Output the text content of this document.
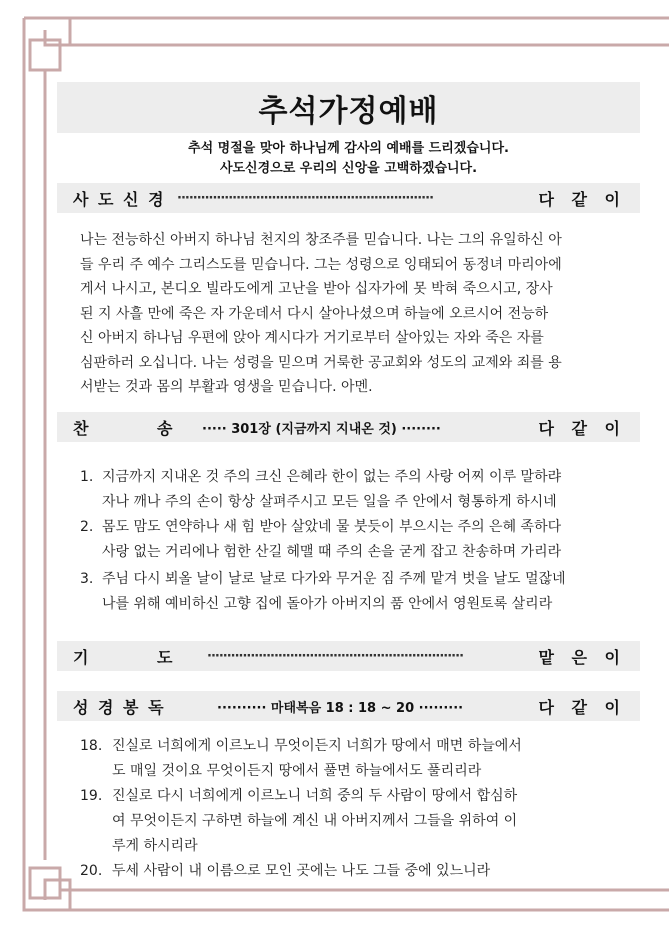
추석가정예배
추석 명절을 맞아 하나님께 감사의 예배를 드리겠습니다.
사도신경으로 우리의 신앙을 고백하겠습니다.
사 도 신 경 ·································································	다 같 이
나는 전능하신 아버지 하나님 천지의 창조주를 믿습니다. 나는 그의 유일하신 아
들 우리 주 예수 그리스도를 믿습니다. 그는 성령으로 잉태되어 동정녀 마리아에
게서 나시고, 본디오 빌라도에게 고난을 받아 십자가에 못 박혀 죽으시고, 장사
된 지 사흘 만에 죽은 자 가운데서 다시 살아나셨으며 하늘에 오르시어 전능하
신 아버지 하나님 우편에 앉아 계시다가 거기로부터 살아있는 자와 죽은 자를
심판하러 오십니다. 나는 성령을 믿으며 거룩한 공교회와 성도의 교제와 죄를 용
서받는 것과 몸의 부활과 영생을 믿습니다. 아멘.
찬	송 ····· 301장 (지금까지 지내온 것) ········	다 같 이
1. 지금까지 지내온 것 주의 크신 은혜라 한이 없는 주의 사랑 어찌 이루 말하랴
자나 깨나 주의 손이 항상 살펴주시고 모든 일을 주 안에서 형통하게 하시네
2. 몸도 맘도 연약하나 새 힘 받아 살았네 물 붓듯이 부으시는 주의 은혜 족하다
사랑 없는 거리에나 험한 산길 헤맬 때 주의 손을 굳게 잡고 찬송하며 가리라
3. 주님 다시 뵈올 날이 날로 날로 다가와 무거운 짐 주께 맡겨 벗을 날도 멀잖네
나를 위해 예비하신 고향 집에 돌아가 아버지의 품 안에서 영원토록 살리라
기	도	·································································	맡 은 이
성 경 봉 독	·········· 마태복음 18 : 18 ~ 20 ·········	다 같 이
18. 진실로 너희에게 이르노니 무엇이든지 너희가 땅에서 매면 하늘에서
도 매일 것이요 무엇이든지 땅에서 풀면 하늘에서도 풀리리라
19. 진실로 다시 너희에게 이르노니 너희 중의 두 사람이 땅에서 합심하
여 무엇이든지 구하면 하늘에 계신 내 아버지께서 그들을 위하여 이
루게 하시리라
20. 두세 사람이 내 이름으로 모인 곳에는 나도 그들 중에 있느니라
